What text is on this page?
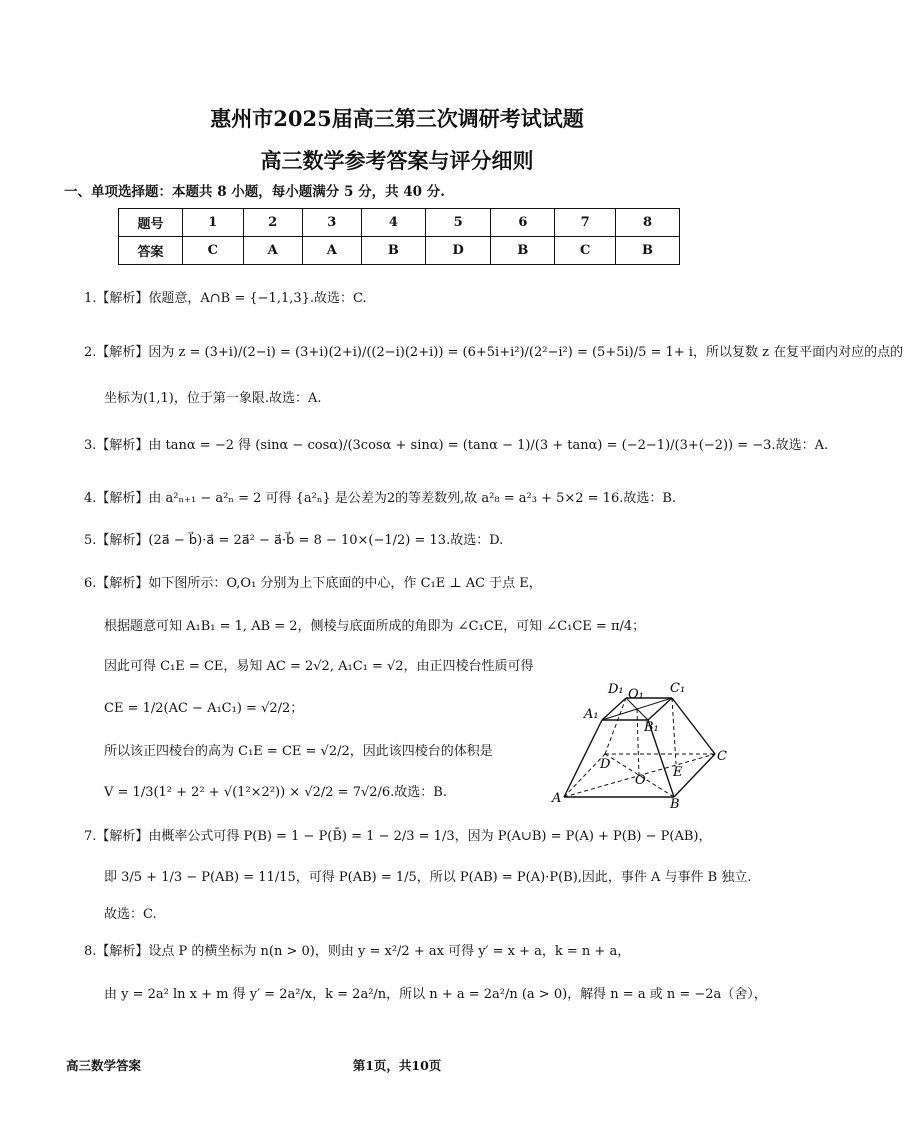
惠州市2025届高三第三次调研考试试题
高三数学参考答案与评分细则
一、单项选择题：本题共 8 小题，每小题满分 5 分，共 40 分.
题号	1	2	3	4	5	6	7	8
答案	C	A	A	B	D	B	C	B
1.【解析】依题意，A∩B = {−1,1,3}.故选：C.
2.【解析】因为 z = (3+i)/(2−i) = (3+i)(2+i)/((2−i)(2+i)) = (6+5i+i²)/(2²−i²) = (5+5i)/5 = 1+ i，所以复数 z 在复平面内对应的点的
坐标为(1,1)，位于第一象限.故选：A.
3.【解析】由 tanα = −2 得 (sinα − cosα)/(3cosα + sinα) = (tanα − 1)/(3 + tanα) = (−2−1)/(3+(−2)) = −3.故选：A.
4.【解析】由 a²ₙ₊₁ − a²ₙ = 2 可得 {a²ₙ} 是公差为2的等差数列,故 a²₈ = a²₃ + 5×2 = 16.故选：B.
5.【解析】(2a⃗ − b⃗)·a⃗ = 2a⃗² − a⃗·b⃗ = 8 − 10×(−1/2) = 13.故选：D.
6.【解析】如下图所示：O,O₁ 分别为上下底面的中心，作 C₁E ⊥ AC 于点 E，
根据题意可知 A₁B₁ = 1, AB = 2，侧棱与底面所成的角即为 ∠C₁CE，可知 ∠C₁CE = π/4；
因此可得 C₁E = CE，易知 AC = 2√2, A₁C₁ = √2，由正四棱台性质可得
CE = 1/2(AC − A₁C₁) = √2/2；
所以该正四棱台的高为 C₁E = CE = √2/2，因此该四棱台的体积是
V = 1/3(1² + 2² + √(1²×2²)) × √2/2 = 7√2/6.故选：B.
7.【解析】由概率公式可得 P(B) = 1 − P(B̄) = 1 − 2/3 = 1/3，因为 P(A∪B) = P(A) + P(B) − P(AB)，
即 3/5 + 1/3 − P(AB) = 11/15，可得 P(AB) = 1/5，所以 P(AB) = P(A)·P(B),因此，事件 A 与事件 B 独立.
故选：C.
8.【解析】设点 P 的横坐标为 n(n > 0)，则由 y = x²/2 + ax 可得 y′ = x + a，k = n + a，
由 y = 2a² ln x + m 得 y′ = 2a²/x，k = 2a²/n，所以 n + a = 2a²/n (a > 0)，解得 n = a 或 n = −2a（舍），
D₁ O₁ C₁
A₁
B₁
D
O
E
C
A	B
高三数学答案	第1页，共10页
